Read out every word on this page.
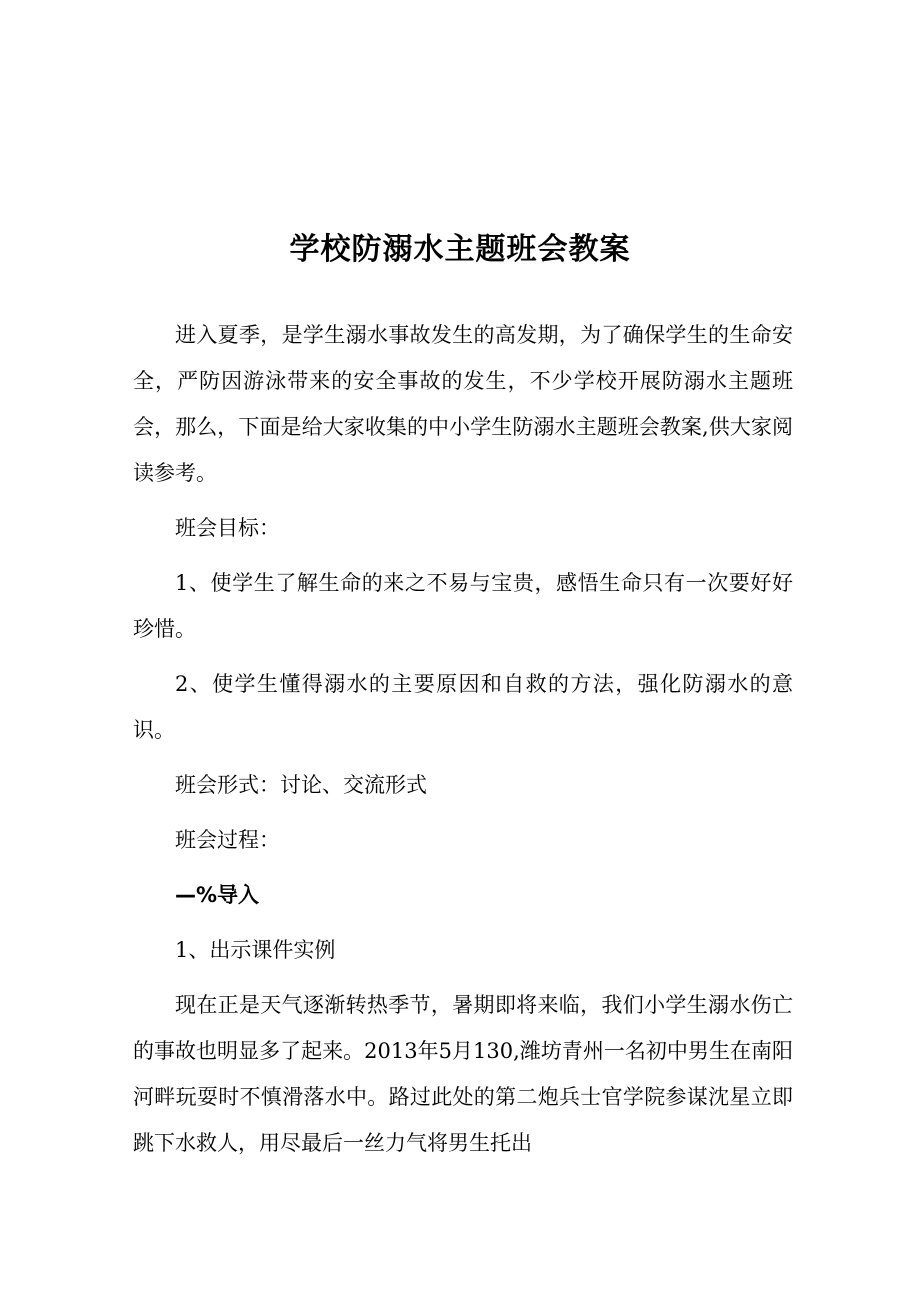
学校防溺水主题班会教案

进入夏季，是学生溺水事故发生的高发期，为了确保学生的生命安全，严防因游泳带来的安全事故的发生，不少学校开展防溺水主题班会，那么，下面是给大家收集的中小学生防溺水主题班会教案,供大家阅读参考。

班会目标：

1、使学生了解生命的来之不易与宝贵，感悟生命只有一次要好好珍惜。

2、使学生懂得溺水的主要原因和自救的方法，强化防溺水的意识。

班会形式：讨论、交流形式

班会过程：

—%导入

1、出示课件实例

现在正是天气逐渐转热季节，暑期即将来临，我们小学生溺水伤亡的事故也明显多了起来。2013年5月130,潍坊青州一名初中男生在南阳河畔玩耍时不慎滑落水中。路过此处的第二炮兵士官学院参谋沈星立即跳下水救人，用尽最后一丝力气将男生托出
